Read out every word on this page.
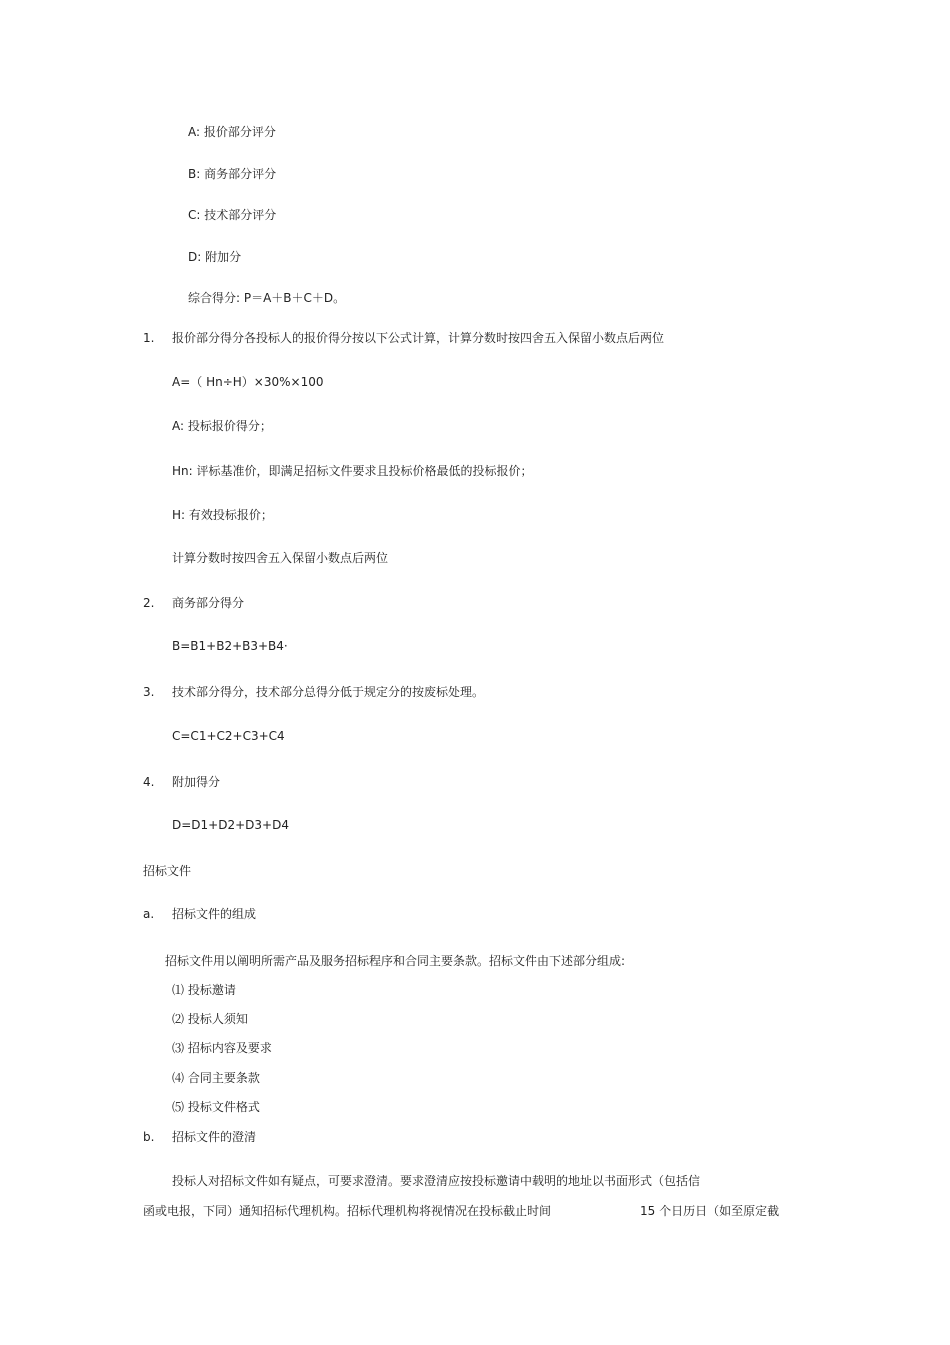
A: 报价部分评分
B: 商务部分评分
C: 技术部分评分
D: 附加分
综合得分: P＝A＋B＋C＋D。
1. 报价部分得分各投标人的报价得分按以下公式计算，计算分数时按四舍五入保留小数点后两位
A=（ Hn÷H）×30%×100
A: 投标报价得分；
Hn: 评标基准价，即满足招标文件要求且投标价格最低的投标报价；
H: 有效投标报价；
计算分数时按四舍五入保留小数点后两位
2. 商务部分得分
B=B1+B2+B3+B4·
3. 技术部分得分，技术部分总得分低于规定分的按废标处理。
C=C1+C2+C3+C4
4. 附加得分
D=D1+D2+D3+D4
招标文件
a. 招标文件的组成
招标文件用以阐明所需产品及服务招标程序和合同主要条款。招标文件由下述部分组成:
⑴ 投标邀请
⑵ 投标人须知
⑶ 招标内容及要求
⑷ 合同主要条款
⑸ 投标文件格式
b. 招标文件的澄清
投标人对招标文件如有疑点，可要求澄清。要求澄清应按投标邀请中载明的地址以书面形式（包括信
函或电报，下同）通知招标代理机构。招标代理机构将视情况在投标截止时间	15 个日历日（如至原定截
